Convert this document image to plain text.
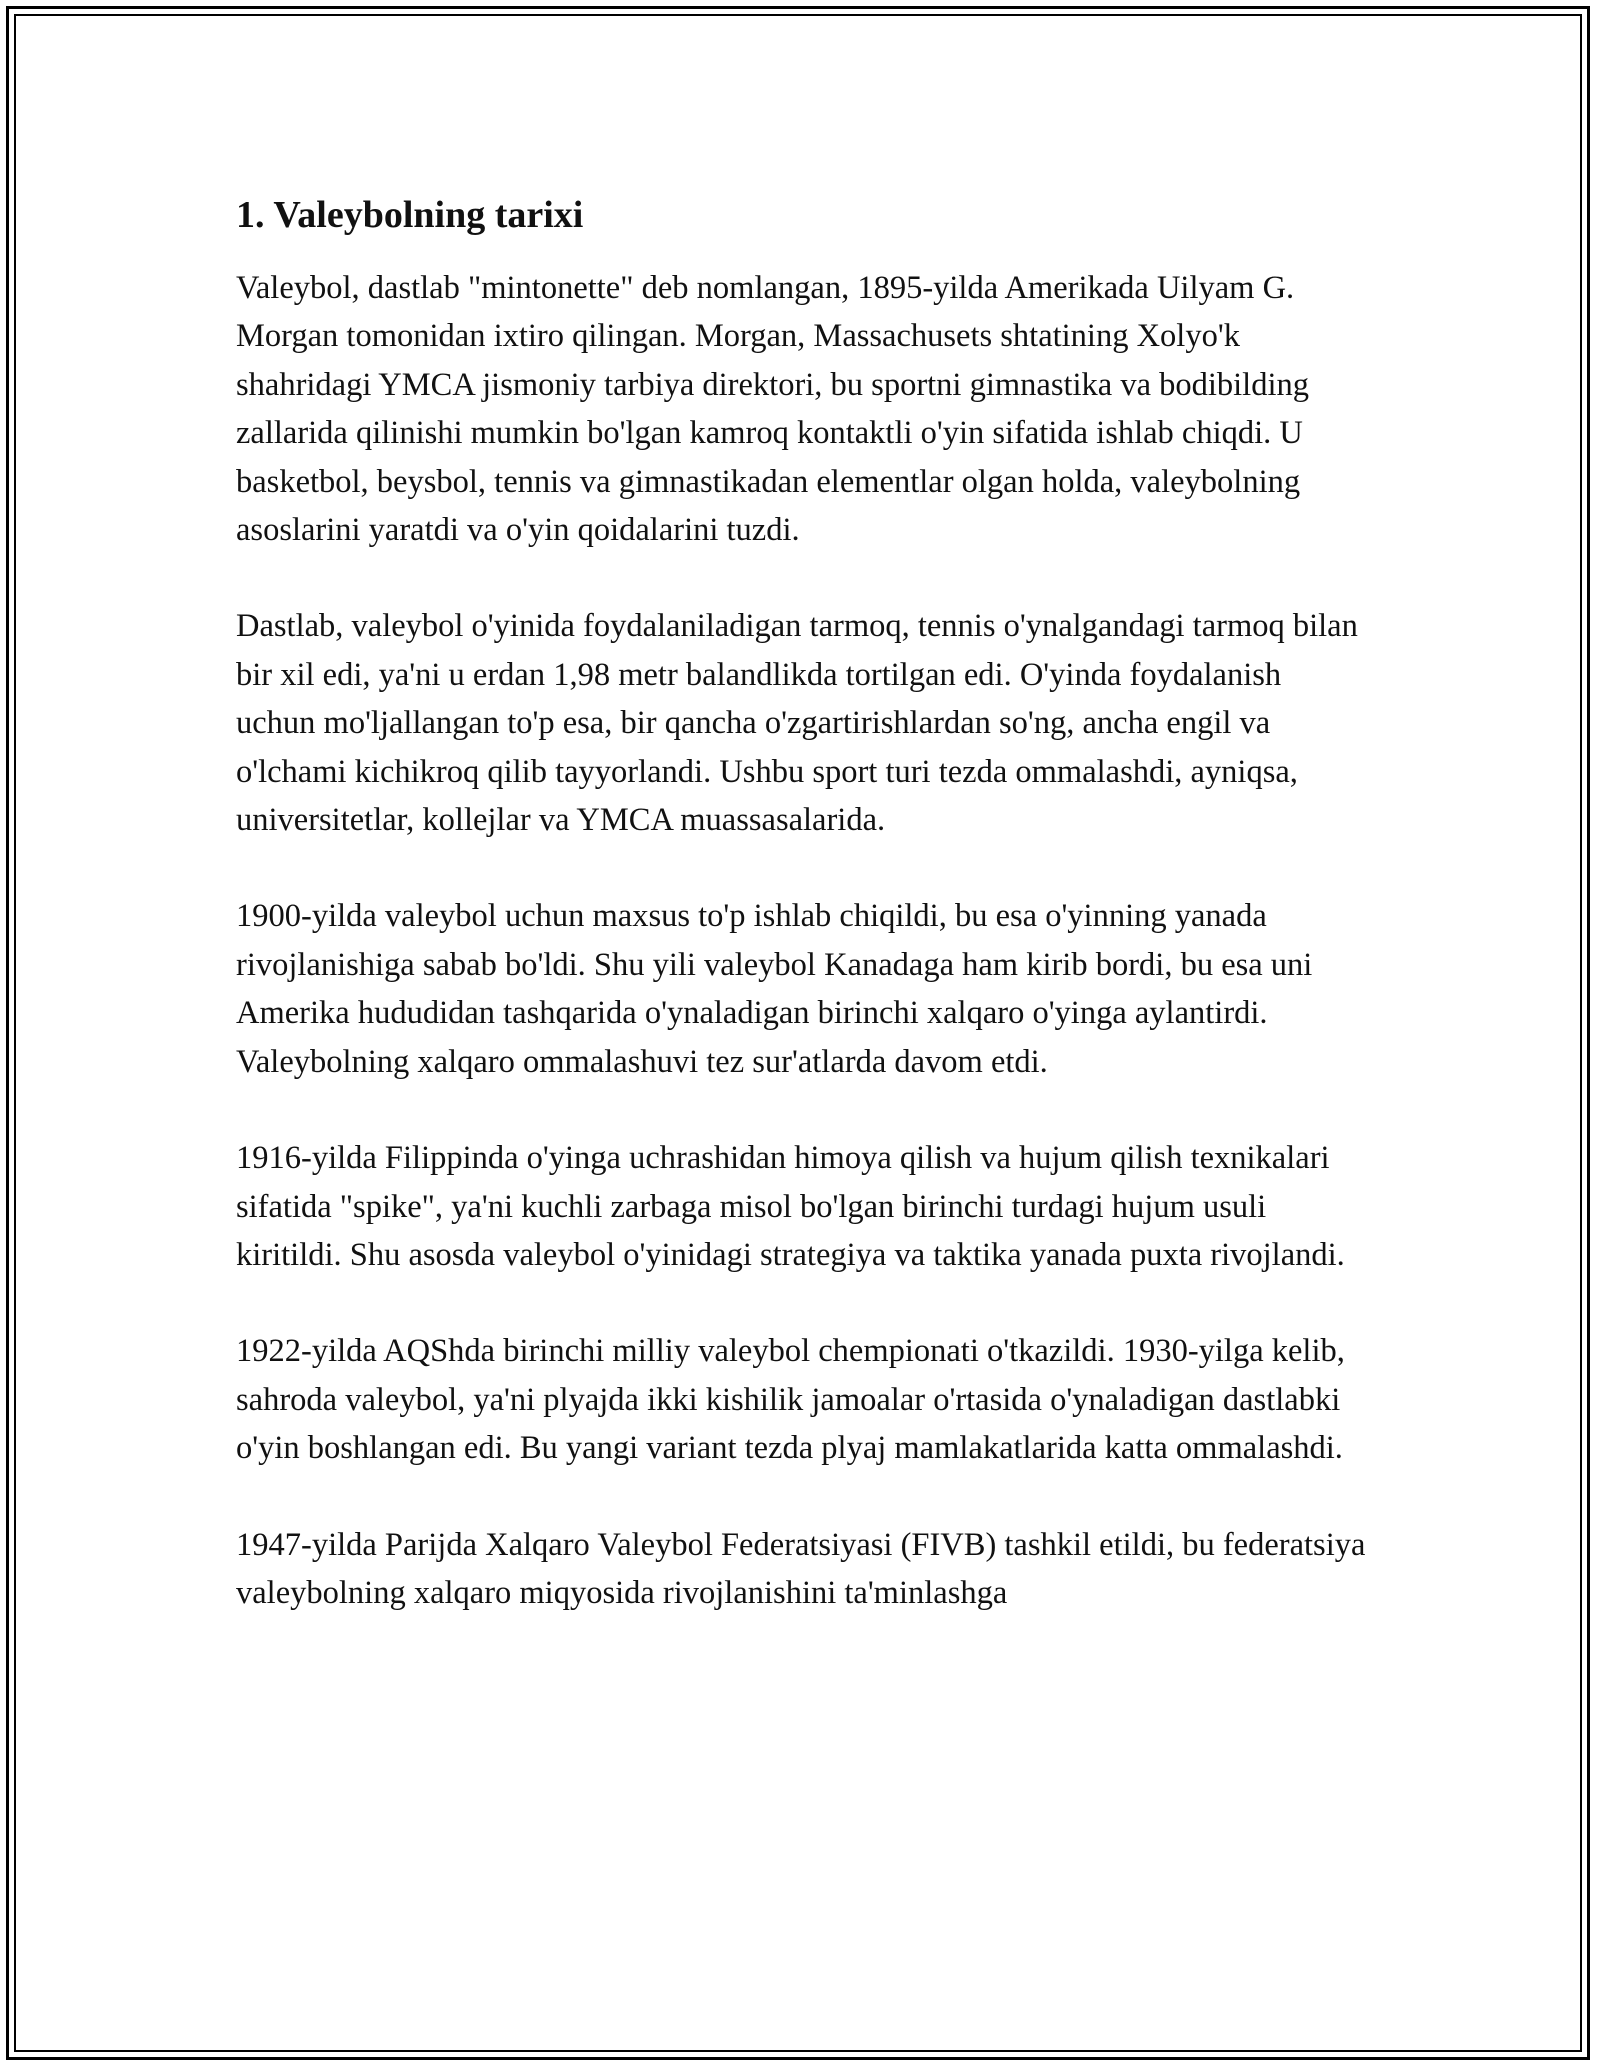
1. Valeybolning tarixi

Valeybol, dastlab "mintonette" deb nomlangan, 1895-yilda Amerikada Uilyam G. Morgan tomonidan ixtiro qilingan. Morgan, Massachusets shtatining Xolyo'k shahridagi YMCA jismoniy tarbiya direktori, bu sportni gimnastika va bodibilding zallarida qilinishi mumkin bo'lgan kamroq kontaktli o'yin sifatida ishlab chiqdi. U basketbol, beysbol, tennis va gimnastikadan elementlar olgan holda, valeybolning asoslarini yaratdi va o'yin qoidalarini tuzdi.

Dastlab, valeybol o'yinida foydalaniladigan tarmoq, tennis o'ynalgandagi tarmoq bilan bir xil edi, ya'ni u erdan 1,98 metr balandlikda tortilgan edi. O'yinda foydalanish uchun mo'ljallangan to'p esa, bir qancha o'zgartirishlardan so'ng, ancha engil va o'lchami kichikroq qilib tayyorlandi. Ushbu sport turi tezda ommalashdi, ayniqsa, universitetlar, kollejlar va YMCA muassasalarida.

1900-yilda valeybol uchun maxsus to'p ishlab chiqildi, bu esa o'yinning yanada rivojlanishiga sabab bo'ldi. Shu yili valeybol Kanadaga ham kirib bordi, bu esa uni Amerika hududidan tashqarida o'ynaladigan birinchi xalqaro o'yinga aylantirdi. Valeybolning xalqaro ommalashuvi tez sur'atlarda davom etdi.

1916-yilda Filippinda o'yinga uchrashidan himoya qilish va hujum qilish texnikalari sifatida "spike", ya'ni kuchli zarbaga misol bo'lgan birinchi turdagi hujum usuli kiritildi. Shu asosda valeybol o'yinidagi strategiya va taktika yanada puxta rivojlandi.

1922-yilda AQShda birinchi milliy valeybol chempionati o'tkazildi. 1930-yilga kelib, sahroda valeybol, ya'ni plyajda ikki kishilik jamoalar o'rtasida o'ynaladigan dastlabki o'yin boshlangan edi. Bu yangi variant tezda plyaj mamlakatlarida katta ommalashdi.

1947-yilda Parijda Xalqaro Valeybol Federatsiyasi (FIVB) tashkil etildi, bu federatsiya valeybolning xalqaro miqyosida rivojlanishini ta'minlashga
